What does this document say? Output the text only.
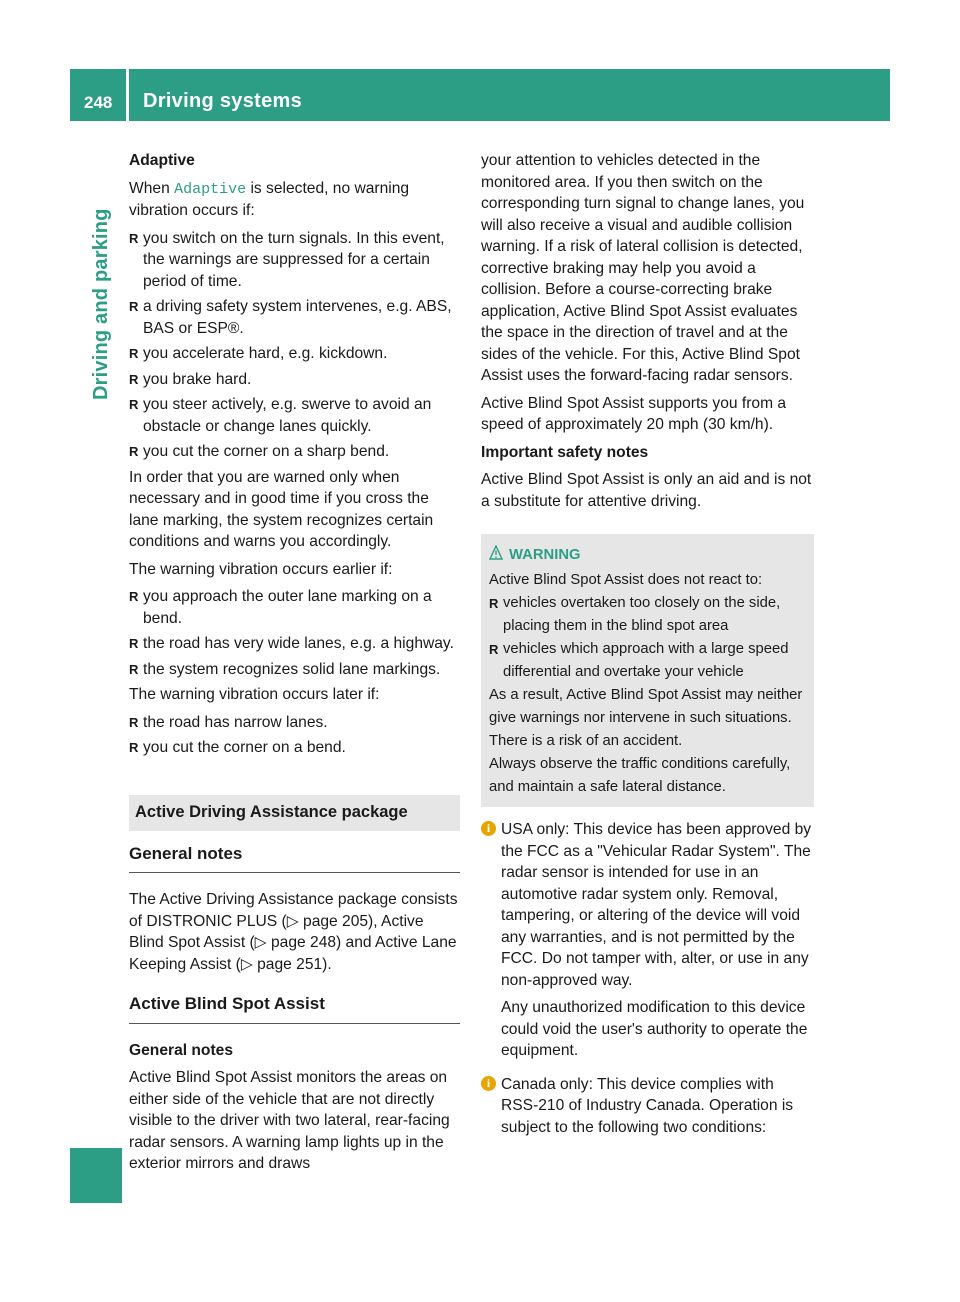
248 Driving systems
Driving and parking
Adaptive
When Adaptive is selected, no warning vibration occurs if:
R you switch on the turn signals. In this event, the warnings are suppressed for a certain period of time.
R a driving safety system intervenes, e.g. ABS, BAS or ESP®.
R you accelerate hard, e.g. kickdown.
R you brake hard.
R you steer actively, e.g. swerve to avoid an obstacle or change lanes quickly.
R you cut the corner on a sharp bend.
In order that you are warned only when necessary and in good time if you cross the lane marking, the system recognizes certain conditions and warns you accordingly.
The warning vibration occurs earlier if:
R you approach the outer lane marking on a bend.
R the road has very wide lanes, e.g. a highway.
R the system recognizes solid lane markings.
The warning vibration occurs later if:
R the road has narrow lanes.
R you cut the corner on a bend.
Active Driving Assistance package
General notes
The Active Driving Assistance package consists of DISTRONIC PLUS (▷ page 205), Active Blind Spot Assist (▷ page 248) and Active Lane Keeping Assist (▷ page 251).
Active Blind Spot Assist
General notes
Active Blind Spot Assist monitors the areas on either side of the vehicle that are not directly visible to the driver with two lateral, rear-facing radar sensors. A warning lamp lights up in the exterior mirrors and draws
your attention to vehicles detected in the monitored area. If you then switch on the corresponding turn signal to change lanes, you will also receive a visual and audible collision warning. If a risk of lateral collision is detected, corrective braking may help you avoid a collision. Before a course-correcting brake application, Active Blind Spot Assist evaluates the space in the direction of travel and at the sides of the vehicle. For this, Active Blind Spot Assist uses the forward-facing radar sensors.
Active Blind Spot Assist supports you from a speed of approximately 20 mph (30 km/h).
Important safety notes
Active Blind Spot Assist is only an aid and is not a substitute for attentive driving.
WARNING
Active Blind Spot Assist does not react to:
R vehicles overtaken too closely on the side, placing them in the blind spot area
R vehicles which approach with a large speed differential and overtake your vehicle
As a result, Active Blind Spot Assist may neither give warnings nor intervene in such situations. There is a risk of an accident.
Always observe the traffic conditions carefully, and maintain a safe lateral distance.
i USA only: This device has been approved by the FCC as a "Vehicular Radar System". The radar sensor is intended for use in an automotive radar system only. Removal, tampering, or altering of the device will void any warranties, and is not permitted by the FCC. Do not tamper with, alter, or use in any non-approved way.
Any unauthorized modification to this device could void the user's authority to operate the equipment.
i Canada only: This device complies with RSS-210 of Industry Canada. Operation is subject to the following two conditions:
